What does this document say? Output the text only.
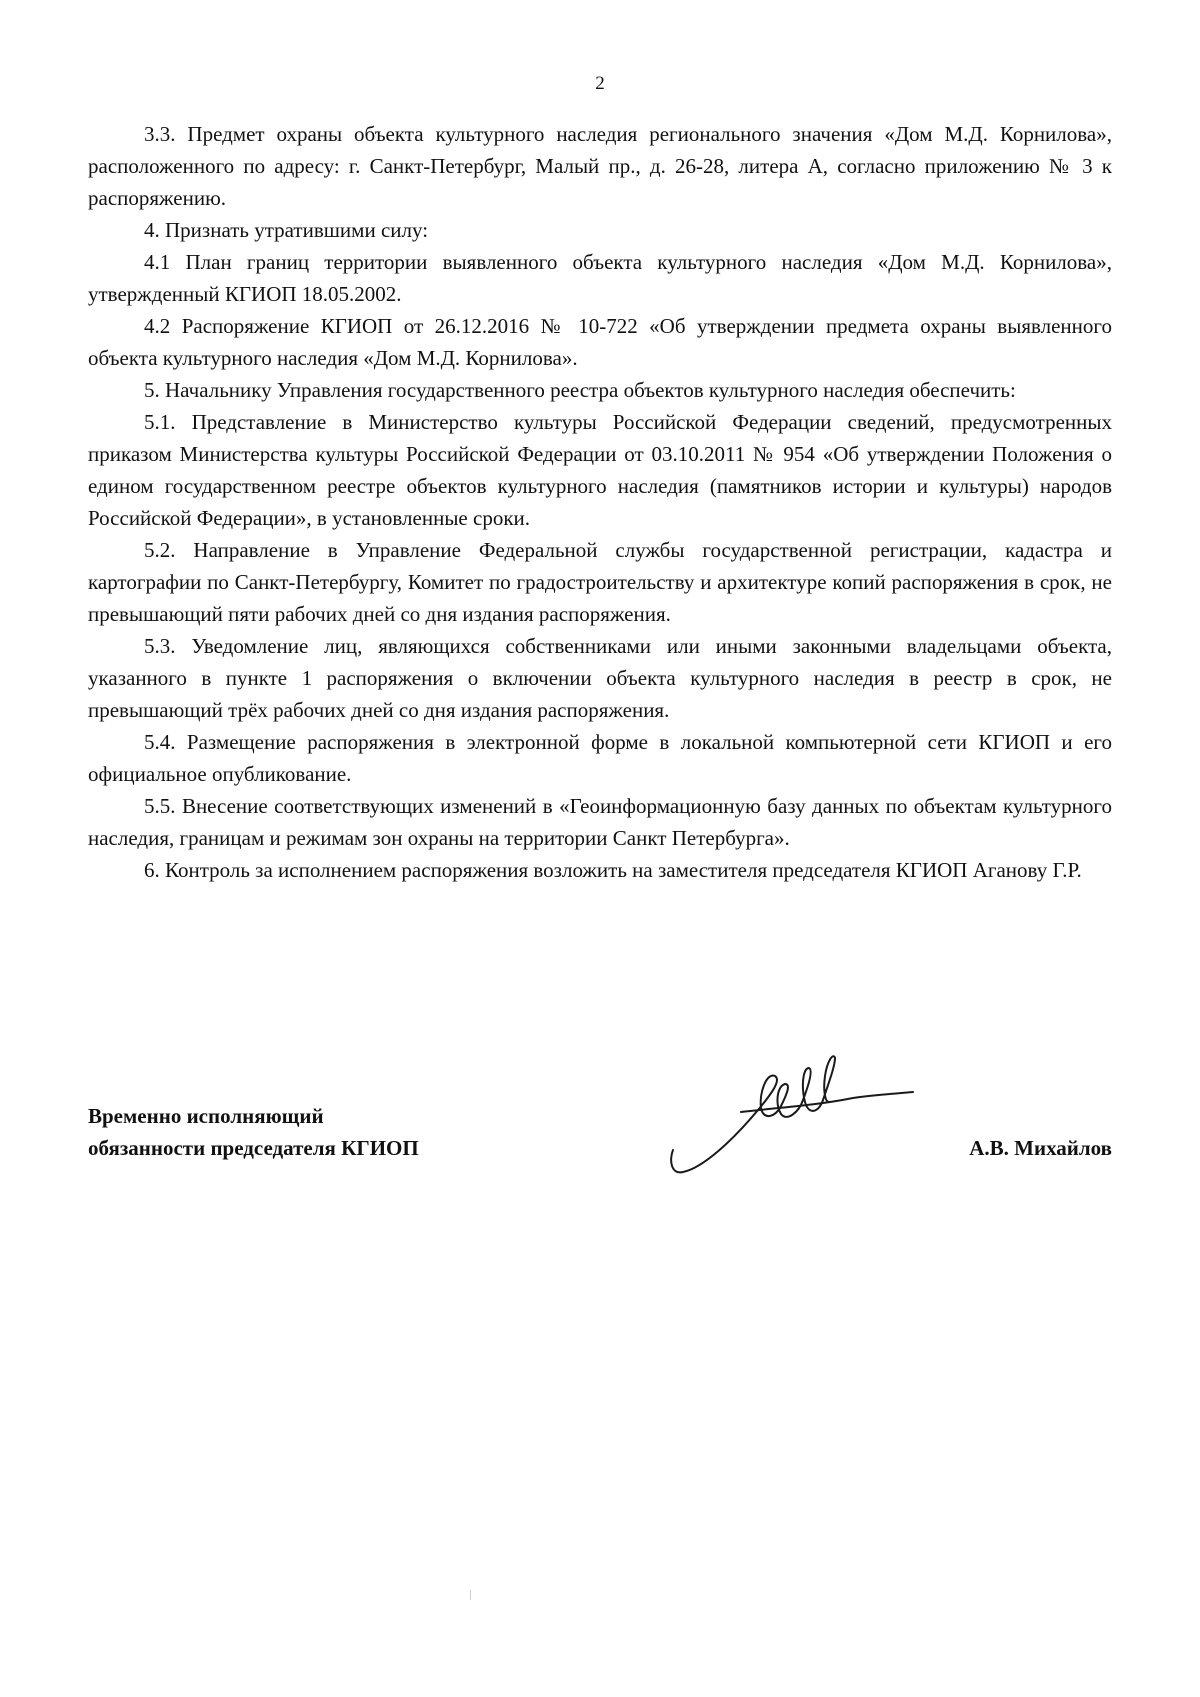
2

3.3. Предмет охраны объекта культурного наследия регионального значения «Дом М.Д. Корнилова», расположенного по адресу: г. Санкт-Петербург, Малый пр., д. 26-28, литера А, согласно приложению № 3 к распоряжению.

4. Признать утратившими силу:

4.1 План границ территории выявленного объекта культурного наследия «Дом М.Д. Корнилова», утвержденный КГИОП 18.05.2002.

4.2 Распоряжение КГИОП от 26.12.2016 № 10-722 «Об утверждении предмета охраны выявленного объекта культурного наследия «Дом М.Д. Корнилова».

5. Начальнику Управления государственного реестра объектов культурного наследия обеспечить:

5.1. Представление в Министерство культуры Российской Федерации сведений, предусмотренных приказом Министерства культуры Российской Федерации от 03.10.2011 № 954 «Об утверждении Положения о едином государственном реестре объектов культурного наследия (памятников истории и культуры) народов Российской Федерации», в установленные сроки.

5.2. Направление в Управление Федеральной службы государственной регистрации, кадастра и картографии по Санкт-Петербургу, Комитет по градостроительству и архитектуре копий распоряжения в срок, не превышающий пяти рабочих дней со дня издания распоряжения.

5.3. Уведомление лиц, являющихся собственниками или иными законными владельцами объекта, указанного в пункте 1 распоряжения о включении объекта культурного наследия в реестр в срок, не превышающий трёх рабочих дней со дня издания распоряжения.

5.4. Размещение распоряжения в электронной форме в локальной компьютерной сети КГИОП и его официальное опубликование.

5.5. Внесение соответствующих изменений в «Геоинформационную базу данных по объектам культурного наследия, границам и режимам зон охраны на территории Санкт Петербурга».

6. Контроль за исполнением распоряжения возложить на заместителя председателя КГИОП Аганову Г.Р.

Временно исполняющий
обязанности председателя КГИОП	А.В. Михайлов
